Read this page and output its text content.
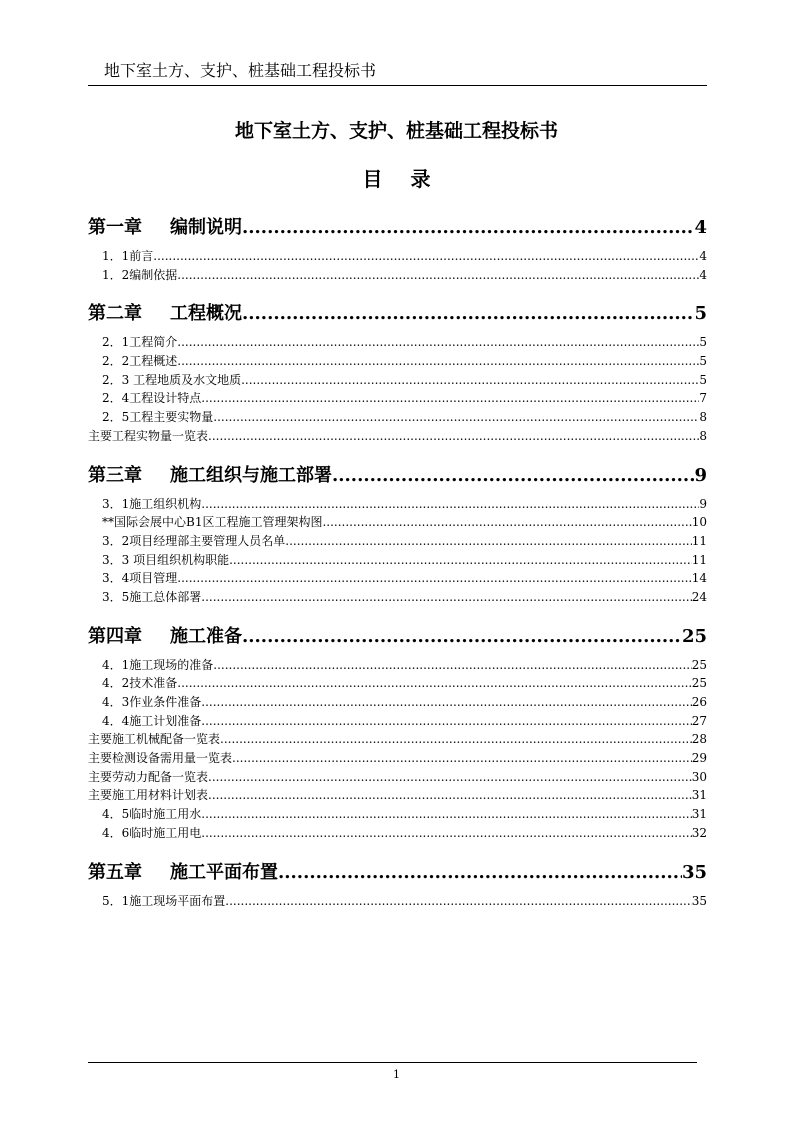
地下室土方、支护、桩基础工程投标书
地下室土方、支护、桩基础工程投标书
目录
第一章 编制说明 .....	4
1．1前言 .....	4
1．2编制依据 .....	4
第二章 工程概况 .....	5
2．1工程简介 .....	5
2．2工程概述 .....	5
2．3 工程地质及水文地质 .....	5
2．4工程设计特点 .....	7
2．5工程主要实物量 .....	8
主要工程实物量一览表 .....	8
第三章 施工组织与施工部署 .....	9
3．1施工组织机构 .....	9
**国际会展中心B1区工程施工管理架构图 .....	10
3．2项目经理部主要管理人员名单 .....	11
3．3 项目组织机构职能 .....	11
3．4项目管理 .....	14
3．5施工总体部署 .....	24
第四章 施工准备 .....	25
4．1施工现场的准备 .....	25
4．2技术准备 .....	25
4．3作业条件准备 .....	26
4．4施工计划准备 .....	27
主要施工机械配备一览表 .....	28
主要检测设备需用量一览表 .....	29
主要劳动力配备一览表 .....	30
主要施工用材料计划表 .....	31
4．5临时施工用水 .....	31
4．6临时施工用电 .....	32
第五章 施工平面布置 .....	35
5．1施工现场平面布置 .....	35
1
